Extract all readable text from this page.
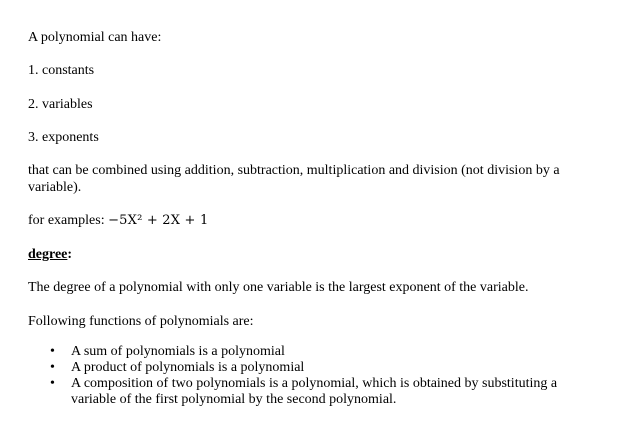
A polynomial can have:
1. constants
2. variables
3. exponents
that can be combined using addition, subtraction, multiplication and division (not division by a variable).
for examples: −5X² + 2X + 1
degree:
The degree of a polynomial with only one variable is the largest exponent of the variable.
Following functions of polynomials are:
• A sum of polynomials is a polynomial
• A product of polynomials is a polynomial
• A composition of two polynomials is a polynomial, which is obtained by substituting a variable of the first polynomial by the second polynomial.
